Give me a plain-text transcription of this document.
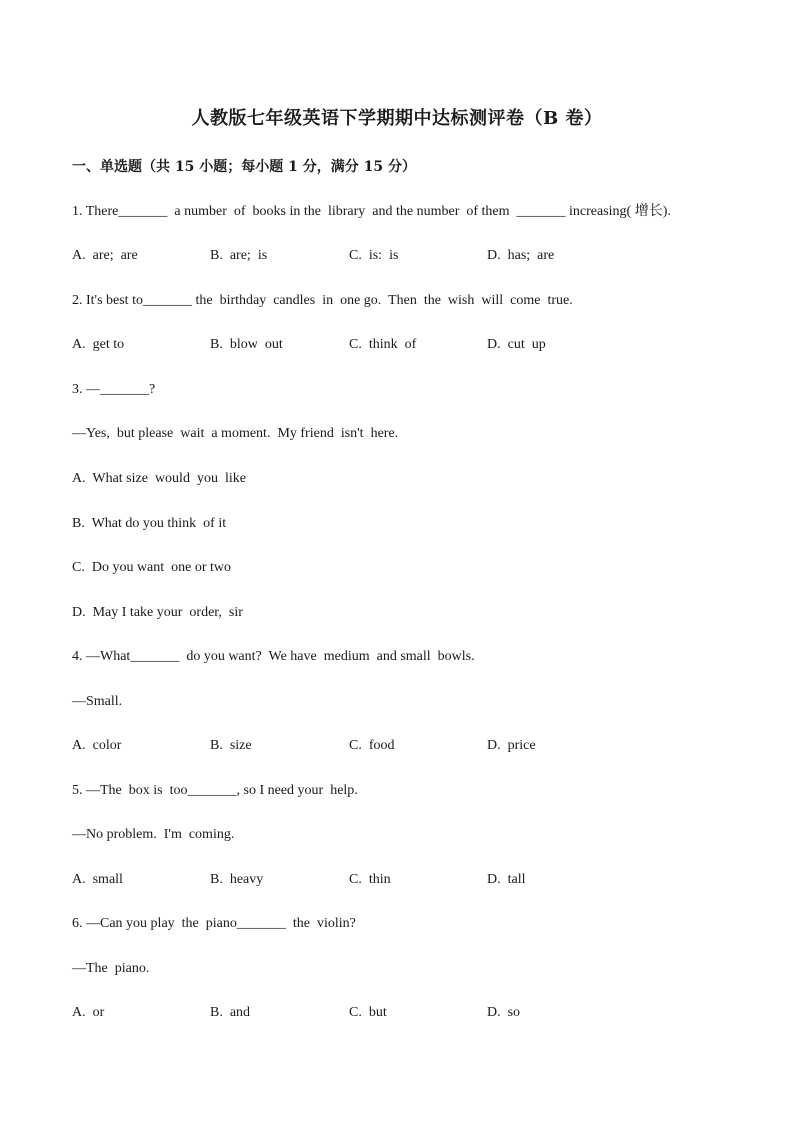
人教版七年级英语下学期期中达标测评卷（B 卷）
一、单选题（共 15 小题；每小题 1 分，满分 15 分）
1. There_______  a number  of  books in the  library  and the number  of them  _______ increasing( 增长).
A.  are;  are	B.  are;  is	C.  is:  is	D.  has;  are
2. It's best to_______ the  birthday  candles  in  one go.  Then  the  wish  will  come  true.
A.  get to	B.  blow  out	C.  think  of	D.  cut  up
3. —_______?
—Yes,  but please  wait  a moment.  My friend  isn't  here.
A.  What size  would  you  like
B.  What do you think  of it
C.  Do you want  one or two
D.  May I take your  order,  sir
4. —What_______  do you want?  We have  medium  and small  bowls.
—Small.
A.  color	B.  size	C.  food	D.  price
5. —The  box is  too_______, so I need your  help.
—No problem.  I'm  coming.
A.  small	B.  heavy	C.  thin	D.  tall
6. —Can you play  the  piano_______  the  violin?
—The  piano.
A.  or	B.  and	C.  but	D.  so
